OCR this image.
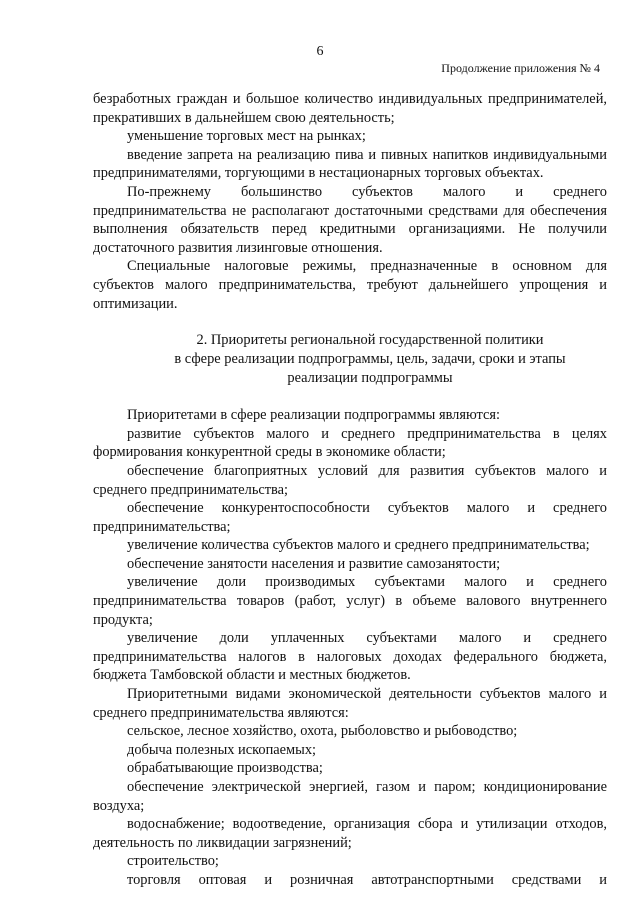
6
Продолжение приложения № 4

безработных граждан и большое количество индивидуальных предпринимателей, прекративших в дальнейшем свою деятельность;

уменьшение торговых мест на рынках;

введение запрета на реализацию пива и пивных напитков индивидуальными предпринимателями, торгующими в нестационарных торговых объектах.

По-прежнему большинство субъектов малого и среднего предпринимательства не располагают достаточными средствами для обеспечения выполнения обязательств перед кредитными организациями. Не получили достаточного развития лизинговые отношения.

Специальные налоговые режимы, предназначенные в основном для субъектов малого предпринимательства, требуют дальнейшего упрощения и оптимизации.

2. Приоритеты региональной государственной политики

в сфере реализации подпрограммы, цель, задачи, сроки и этапы

реализации подпрограммы

Приоритетами в сфере реализации подпрограммы являются:

развитие субъектов малого и среднего предпринимательства в целях формирования конкурентной среды в экономике области;

обеспечение благоприятных условий для развития субъектов малого и среднего предпринимательства;

обеспечение конкурентоспособности субъектов малого и среднего предпринимательства;

увеличение количества субъектов малого и среднего предпринимательства;

обеспечение занятости населения и развитие самозанятости;

увеличение доли производимых субъектами малого и среднего предпринимательства товаров (работ, услуг) в объеме валового внутреннего продукта;

увеличение доли уплаченных субъектами малого и среднего предпринимательства налогов в налоговых доходах федерального бюджета, бюджета Тамбовской области и местных бюджетов.

Приоритетными видами экономической деятельности субъектов малого и среднего предпринимательства являются:

сельское, лесное хозяйство, охота, рыболовство и рыбоводство;

добыча полезных ископаемых;

обрабатывающие производства;

обеспечение электрической энергией, газом и паром; кондиционирование воздуха;

водоснабжение; водоотведение, организация сбора и утилизации отходов, деятельность по ликвидации загрязнений;

строительство;

торговля оптовая и розничная автотранспортными средствами и
